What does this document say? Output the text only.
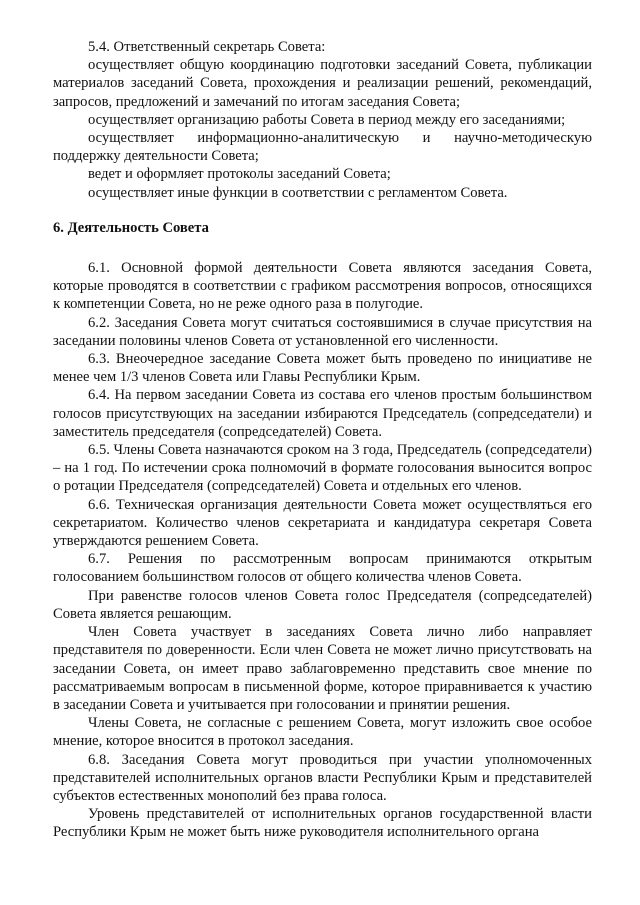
5.4. Ответственный секретарь Совета:

осуществляет общую координацию подготовки заседаний Совета, публикации материалов заседаний Совета, прохождения и реализации решений, рекомендаций, запросов, предложений и замечаний по итогам заседания Совета;

осуществляет организацию работы Совета в период между его заседаниями;

осуществляет информационно-аналитическую и научно-методическую поддержку деятельности Совета;

ведет и оформляет протоколы заседаний Совета;

осуществляет иные функции в соответствии с регламентом Совета.

6. Деятельность Совета

6.1. Основной формой деятельности Совета являются заседания Совета, которые проводятся в соответствии с графиком рассмотрения вопросов, относящихся к компетенции Совета, но не реже одного раза в полугодие.

6.2. Заседания Совета могут считаться состоявшимися в случае присутствия на заседании половины членов Совета от установленной его численности.

6.3. Внеочередное заседание Совета может быть проведено по инициативе не менее чем 1/3 членов Совета или Главы Республики Крым.

6.4. На первом заседании Совета из состава его членов простым большинством голосов присутствующих на заседании избираются Председатель (сопредседатели) и заместитель председателя (сопредседателей) Совета.

6.5. Члены Совета назначаются сроком на 3 года, Председатель (сопредседатели) – на 1 год. По истечении срока полномочий в формате голосования выносится вопрос о ротации Председателя (сопредседателей) Совета и отдельных его членов.

6.6. Техническая организация деятельности Совета может осуществляться его секретариатом. Количество членов секретариата и кандидатура секретаря Совета утверждаются решением Совета.

6.7. Решения по рассмотренным вопросам принимаются открытым голосованием большинством голосов от общего количества членов Совета.

При равенстве голосов членов Совета голос Председателя (сопредседателей) Совета является решающим.

Член Совета участвует в заседаниях Совета лично либо направляет представителя по доверенности. Если член Совета не может лично присутствовать на заседании Совета, он имеет право заблаговременно представить свое мнение по рассматриваемым вопросам в письменной форме, которое приравнивается к участию в заседании Совета и учитывается при голосовании и принятии решения.

Члены Совета, не согласные с решением Совета, могут изложить свое особое мнение, которое вносится в протокол заседания.

6.8. Заседания Совета могут проводиться при участии уполномоченных представителей исполнительных органов власти Республики Крым и представителей субъектов естественных монополий без права голоса.

Уровень представителей от исполнительных органов государственной власти Республики Крым не может быть ниже руководителя исполнительного органа
